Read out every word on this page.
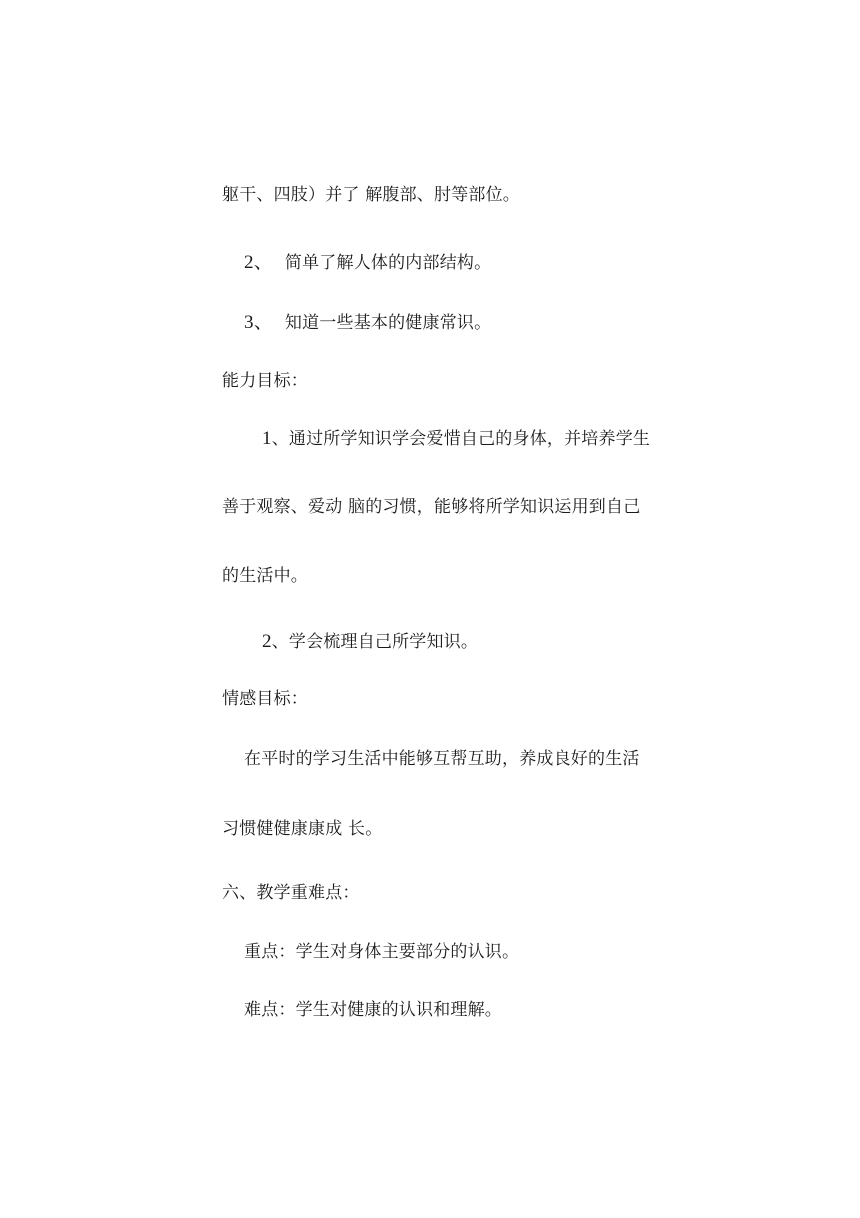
躯干、四肢）并了 解腹部、肘等部位。
2、 简单了解人体的内部结构。
3、 知道一些基本的健康常识。
能力目标：
1、通过所学知识学会爱惜自己的身体，并培养学生
善于观察、爱动 脑的习惯，能够将所学知识运用到自己
的生活中。
2、学会梳理自己所学知识。
情感目标：
在平时的学习生活中能够互帮互助，养成良好的生活
习惯健健康康成 长。
六、教学重难点：
重点：学生对身体主要部分的认识。
难点：学生对健康的认识和理解。
